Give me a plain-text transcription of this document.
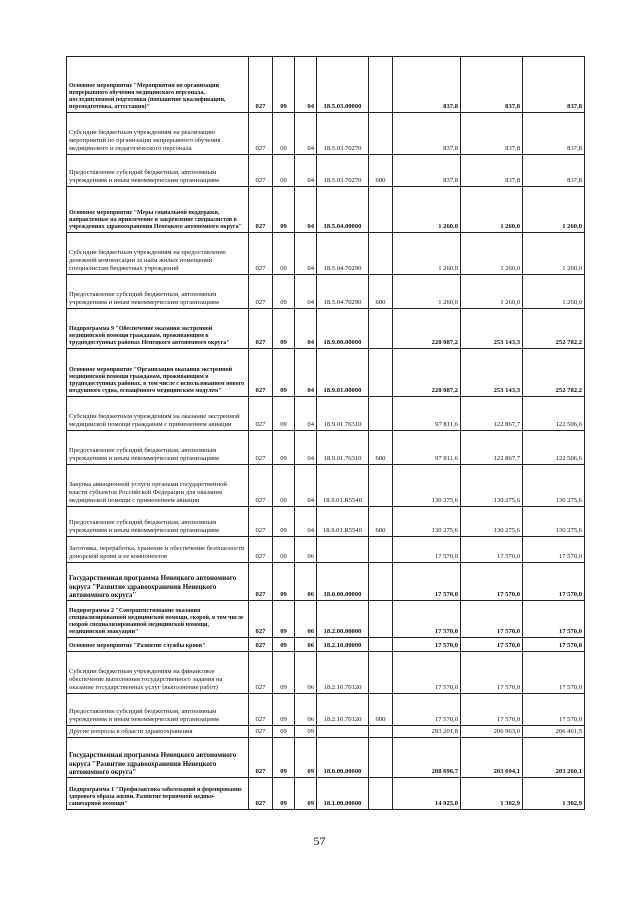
Основное мероприятие "Мероприятия по организации непрерывного обучения медицинского персонала, последипломной подготовки (повышение квалификации, переподготовка, аттестация)"	027	09	04	18.5.03.00000		837,8	837,8	837,8
Субсидии бюджетным учреждениям на реализацию мероприятий по организации непрерывного обучения медицинского и педагогического персонала	027	09	04	18.5.03.70270		837,8	837,8	837,8
Предоставление субсидий бюджетным, автономным учреждениям и иным некоммерческим организациям	027	09	04	18.5.03.70270	600	837,8	837,8	837,8
Основное мероприятие "Меры социальной поддержки, направленные на привлечение и закрепление специалистов в учреждениях здравоохранения Ненецкого автономного округа"	027	09	04	18.5.04.00000		1 260,0	1 260,0	1 260,0
Субсидии бюджетным учреждениям на предоставление денежной компенсации за наём жилых помещений специалистам бюджетных учреждений	027	09	04	18.5.04.70290		1 260,0	1 260,0	1 260,0
Предоставление субсидий бюджетным, автономным учреждениям и иным некоммерческим организациям	027	09	04	18.5.04.70290	600	1 260,0	1 260,0	1 260,0
Подпрограмма 9 "Обеспечение оказания экстренной медицинской помощи гражданам, проживающим в труднодоступных районах Ненецкого автономного округа"	027	09	04	18.9.00.00000		228 087,2	253 143,3	252 782,2
Основное мероприятие "Организация оказания экстренной медицинской помощи гражданам, проживающим в труднодоступных районах, в том числе с использованием нового воздушного судна, оснащённого медицинским модулем"	027	09	04	18.9.01.00000		228 087,2	253 143,3	252 782,2
Субсидии бюджетным учреждениям на оказание экстренной медицинской помощи гражданам с применением авиации	027	09	04	18.9.01.76310		97 811,6	122 867,7	122 506,6
Предоставление субсидий бюджетным, автономным учреждениям и иным некоммерческим организациям	027	09	04	18.9.01.76310	600	97 811,6	122 867,7	122 506,6
Закупка авиационной услуги органами государственной власти субъектов Российской Федерации для оказания медицинской помощи с применением авиации	027	09	04	18.9.01.R5540		130 275,6	130 275,6	130 275,6
Предоставление субсидий бюджетным, автономным учреждениям и иным некоммерческим организациям	027	09	04	18.9.01.R5540	600	130 275,6	130 275,6	130 275,6
Заготовка, переработка, хранение и обеспечение безопасности донорской крови и ее компонентов	027	09	06			17 570,0	17 570,0	17 570,0
Государственная программа Ненецкого автономного округа "Развитие здравоохранения Ненецкого автономного округа"	027	09	06	18.0.00.00000		17 570,0	17 570,0	17 570,0
Подпрограмма 2 "Совершенствование оказания специализированной медицинской помощи, скорой, в том числе скорой специализированной медицинской помощи, медицинской эвакуации"	027	09	06	18.2.00.00000		17 570,0	17 570,0	17 570,0
Основное мероприятие "Развитие службы крови"	027	09	06	18.2.10.00000		17 570,0	17 570,0	17 570,0
Субсидии бюджетным учреждениям на финансовое обеспечение выполнения государственного задания на оказание государственных услуг (выполнение работ)	027	09	06	18.2.10.70120		17 570,0	17 570,0	17 570,0
Предоставление субсидий бюджетным, автономным учреждениям и иным некоммерческим организациям	027	09	06	18.2.10.70120	600	17 570,0	17 570,0	17 570,0
Другие вопросы в области здравоохранения	027	09	09			293 201,8	206 963,0	206 461,5
Государственная программа Ненецкого автономного округа "Развитие здравоохранения Ненецкого автономного округа"	027	09	09	18.0.00.00000		288 696,7	203 694,1	203 260,1
Подпрограмма 1 "Профилактика заболеваний и формирование здорового образа жизни. Развитие первичной медико-санитарной помощи"	027	09	09	18.1.00.00000		14 925,0	1 302,9	1 302,9
57
